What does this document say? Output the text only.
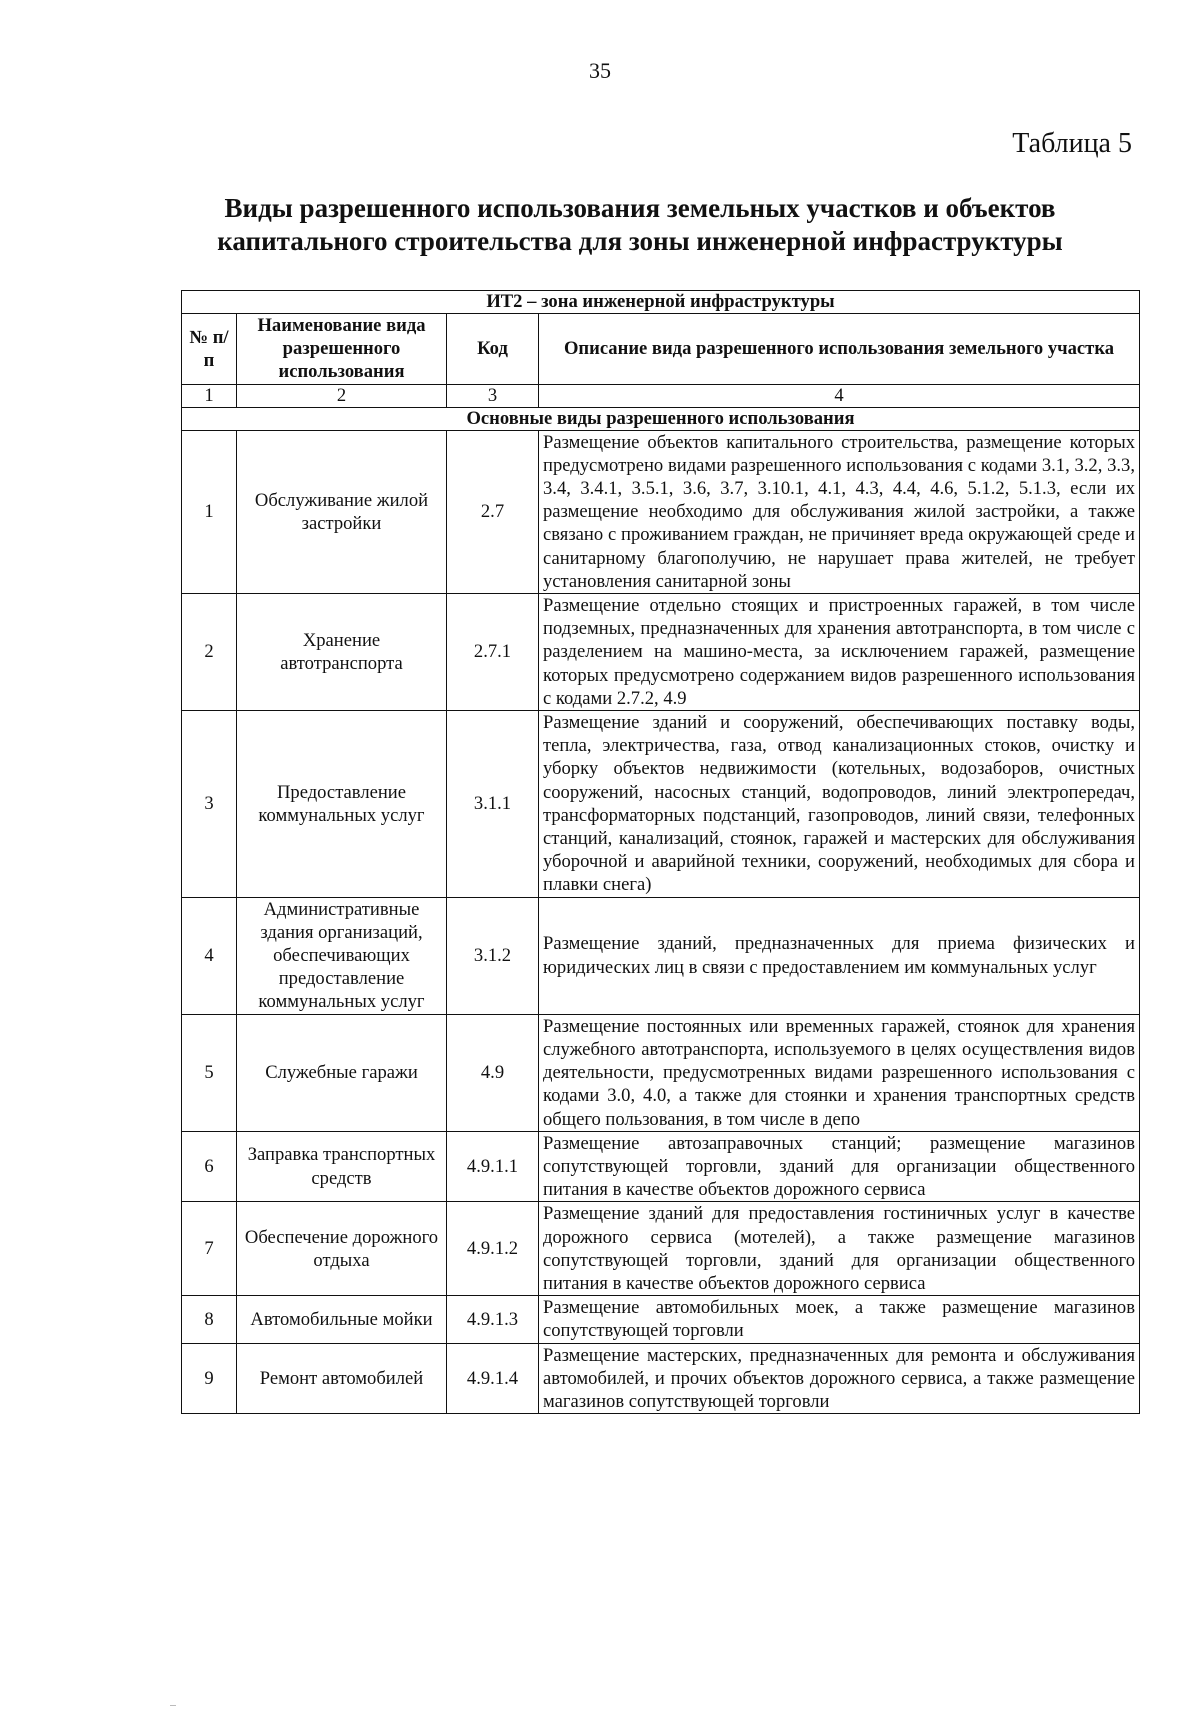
35
Таблица 5
Виды разрешенного использования земельных участков и объектов
капитального строительства для зоны инженерной инфраструктуры
ИТ2 – зона инженерной инфраструктуры			
№ п/п	Наименование вида разрешенного использования	Код	Описание вида разрешенного использования земельного участка
1	2	3	4
Основные виды разрешенного использования			
1	Обслуживание жилой застройки	2.7	Размещение объектов капитального строительства, размещение которых предусмотрено видами разрешенного использования с кодами 3.1, 3.2, 3.3, 3.4, 3.4.1, 3.5.1, 3.6, 3.7, 3.10.1, 4.1, 4.3, 4.4, 4.6, 5.1.2, 5.1.3, если их размещение необходимо для обслуживания жилой застройки, а также связано с проживанием граждан, не причиняет вреда окружающей среде и санитарному благополучию, не нарушает права жителей, не требует установления санитарной зоны
2	Хранение автотранспорта	2.7.1	Размещение отдельно стоящих и пристроенных гаражей, в том числе подземных, предназначенных для хранения автотранспорта, в том числе с разделением на машино-места, за исключением гаражей, размещение которых предусмотрено содержанием видов разрешенного использования с кодами 2.7.2, 4.9
3	Предоставление коммунальных услуг	3.1.1	Размещение зданий и сооружений, обеспечивающих поставку воды, тепла, электричества, газа, отвод канализационных стоков, очистку и уборку объектов недвижимости (котельных, водозаборов, очистных сооружений, насосных станций, водопроводов, линий электропередач, трансформаторных подстанций, газопроводов, линий связи, телефонных станций, канализаций, стоянок, гаражей и мастерских для обслуживания уборочной и аварийной техники, сооружений, необходимых для сбора и плавки снега)
4	Административные здания организаций, обеспечивающих предоставление коммунальных услуг	3.1.2	Размещение зданий, предназначенных для приема физических и юридических лиц в связи с предоставлением им коммунальных услуг
5	Служебные гаражи	4.9	Размещение постоянных или временных гаражей, стоянок для хранения служебного автотранспорта, используемого в целях осуществления видов деятельности, предусмотренных видами разрешенного использования с кодами 3.0, 4.0, а также для стоянки и хранения транспортных средств общего пользования, в том числе в депо
6	Заправка транспортных средств	4.9.1.1	Размещение автозаправочных станций; размещение магазинов сопутствующей торговли, зданий для организации общественного питания в качестве объектов дорожного сервиса
7	Обеспечение дорожного отдыха	4.9.1.2	Размещение зданий для предоставления гостиничных услуг в качестве дорожного сервиса (мотелей), а также размещение магазинов сопутствующей торговли, зданий для организации общественного питания в качестве объектов дорожного сервиса
8	Автомобильные мойки	4.9.1.3	Размещение автомобильных моек, а также размещение магазинов сопутствующей торговли
9	Ремонт автомобилей	4.9.1.4	Размещение мастерских, предназначенных для ремонта и обслуживания автомобилей, и прочих объектов дорожного сервиса, а также размещение магазинов сопутствующей торговли
